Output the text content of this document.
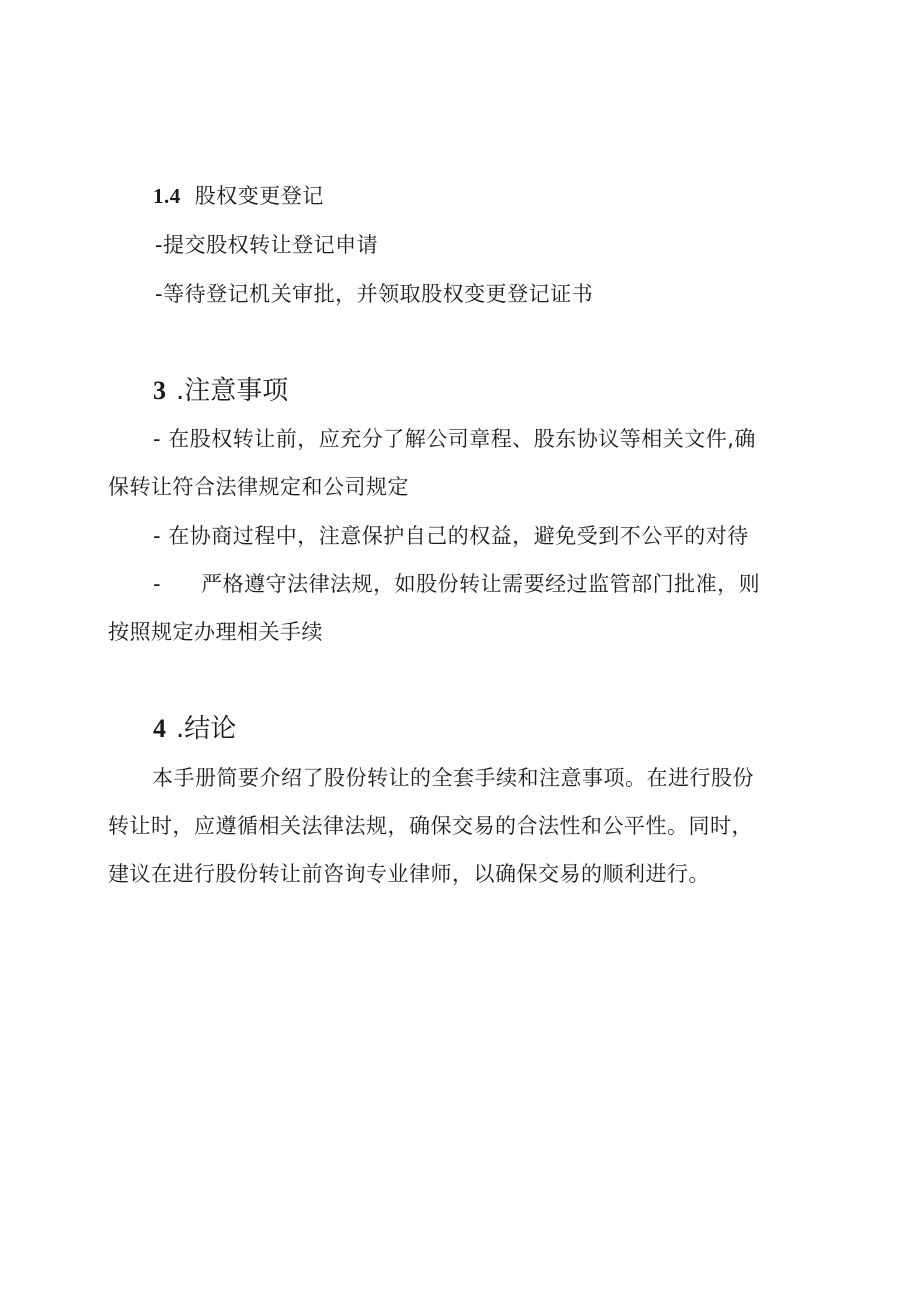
1.4 股权变更登记
-提交股权转让登记申请
-等待登记机关审批，并领取股权变更登记证书
3 .注意事项
- 在股权转让前，应充分了解公司章程、股东协议等相关文件,确
保转让符合法律规定和公司规定
- 在协商过程中，注意保护自己的权益，避免受到不公平的对待
- 严格遵守法律法规，如股份转让需要经过监管部门批准，则
按照规定办理相关手续
4 .结论
本手册简要介绍了股份转让的全套手续和注意事项。在进行股份
转让时，应遵循相关法律法规，确保交易的合法性和公平性。同时，
建议在进行股份转让前咨询专业律师，以确保交易的顺利进行。
